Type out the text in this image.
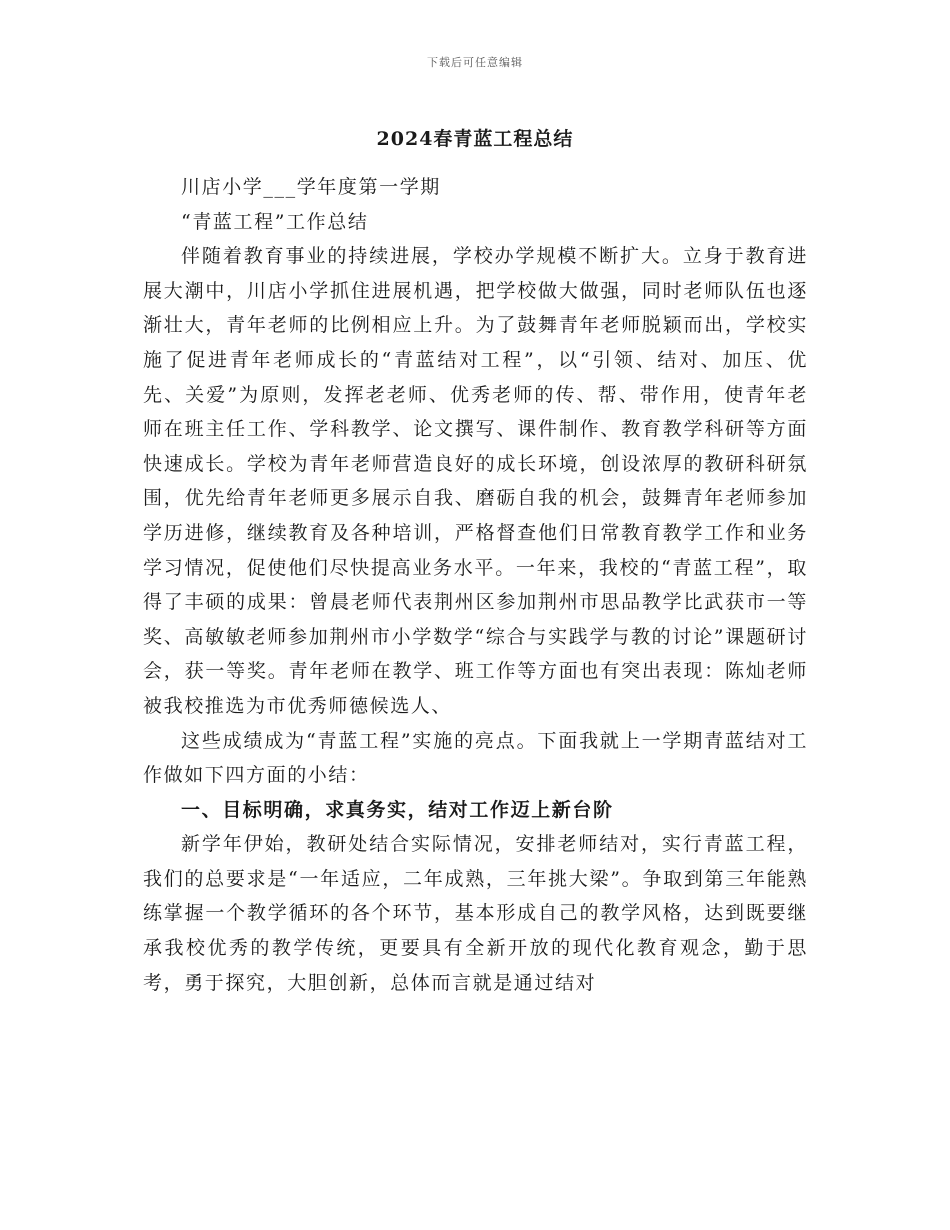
下载后可任意编辑
2024春青蓝工程总结

川店小学___学年度第一学期

“青蓝工程”工作总结

伴随着教育事业的持续进展，学校办学规模不断扩大。立身于教育进展大潮中，川店小学抓住进展机遇，把学校做大做强，同时老师队伍也逐渐壮大，青年老师的比例相应上升。为了鼓舞青年老师脱颖而出，学校实施了促进青年老师成长的“青蓝结对工程”，以“引领、结对、加压、优先、关爱”为原则，发挥老老师、优秀老师的传、帮、带作用，使青年老师在班主任工作、学科教学、论文撰写、课件制作、教育教学科研等方面快速成长。学校为青年老师营造良好的成长环境，创设浓厚的教研科研氛围，优先给青年老师更多展示自我、磨砺自我的机会，鼓舞青年老师参加学历进修，继续教育及各种培训，严格督查他们日常教育教学工作和业务学习情况，促使他们尽快提高业务水平。一年来，我校的“青蓝工程”，取得了丰硕的成果：曾晨老师代表荆州区参加荆州市思品教学比武获市一等奖、高敏敏老师参加荆州市小学数学“综合与实践学与教的讨论”课题研讨会，获一等奖。青年老师在教学、班工作等方面也有突出表现：陈灿老师被我校推选为市优秀师德候选人、

这些成绩成为“青蓝工程”实施的亮点。下面我就上一学期青蓝结对工作做如下四方面的小结：

一、目标明确，求真务实，结对工作迈上新台阶

新学年伊始，教研处结合实际情况，安排老师结对，实行青蓝工程，我们的总要求是“一年适应，二年成熟，三年挑大梁”。争取到第三年能熟练掌握一个教学循环的各个环节，基本形成自己的教学风格，达到既要继承我校优秀的教学传统，更要具有全新开放的现代化教育观念，勤于思考，勇于探究，大胆创新，总体而言就是通过结对
